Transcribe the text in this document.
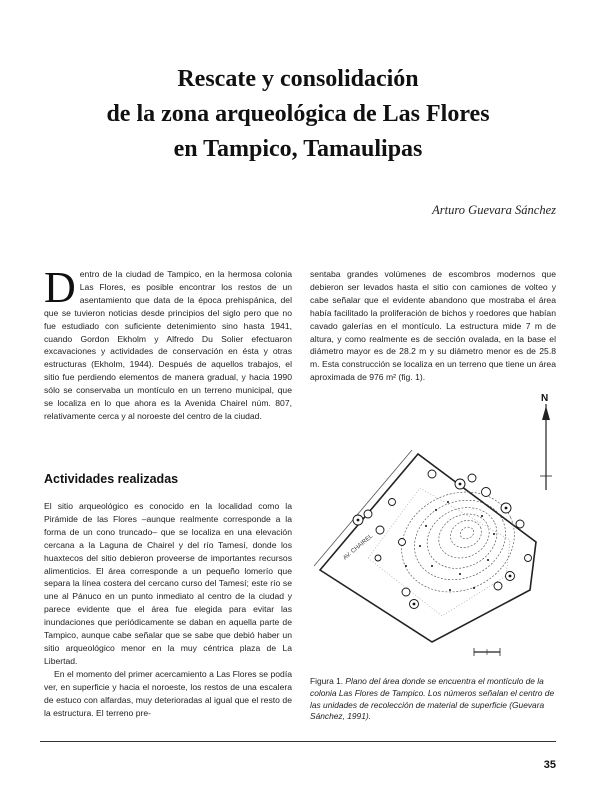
Rescate y consolidación
de la zona arqueológica de Las Flores
en Tampico, Tamaulipas
Arturo Guevara Sánchez

Dentro de la ciudad de Tampico, en la hermosa colonia Las Flores, es posible encontrar los restos de un asentamiento que data de la época prehispánica, del que se tuvieron noticias desde principios del siglo pero que no fue estudiado con suficiente detenimiento sino hasta 1941, cuando Gordon Ekholm y Alfredo Du Solier efectuaron excavaciones y actividades de conservación en ésta y otras estructuras (Ekholm, 1944). Después de aquellos trabajos, el sitio fue perdiendo elementos de manera gradual, y hacia 1990 sólo se conservaba un montículo en un terreno municipal, que se localiza en lo que ahora es la Avenida Chairel núm. 807, relativamente cerca y al noroeste del centro de la ciudad.

sentaba grandes volúmenes de escombros modernos que debieron ser levados hasta el sitio con camiones de volteo y cabe señalar que el evidente abandono que mostraba el área había facilitado la proliferación de bichos y roedores que habían cavado galerías en el montículo. La estructura mide 7 m de altura, y como realmente es de sección ovalada, en la base el diámetro mayor es de 28.2 m y su diámetro menor es de 25.8 m. Esta construcción se localiza en un terreno que tiene un área aproximada de 976 m² (fig. 1).

Actividades realizadas

El sitio arqueológico es conocido en la localidad como la Pirámide de las Flores –aunque realmente corresponde a la forma de un cono truncado– que se localiza en una elevación cercana a la Laguna de Chairel y del río Tamesí, donde los huaxtecos del sitio debieron proveerse de importantes recursos alimenticios. El área corresponde a un pequeño lomerío que separa la línea costera del cercano curso del Tamesí; este río se une al Pánuco en un punto inmediato al centro de la ciudad y parece evidente que el área fue elegida para evitar las inundaciones que periódicamente se daban en aquella parte de Tampico, aunque cabe señalar que se sabe que debió haber un sitio arqueológico menor en la muy céntrica plaza de La Libertad.

En el momento del primer acercamiento a Las Flores se podía ver, en superficie y hacia el noroeste, los restos de una escalera de estuco con alfardas, muy deterioradas al igual que el resto de la estructura. El terreno pre-

N
AV. CHAIREL
Figura 1. Plano del área donde se encuentra el montículo de la colonia Las Flores de Tampico. Los números señalan el centro de las unidades de recolección de material de superficie (Guevara Sánchez, 1991).
35
